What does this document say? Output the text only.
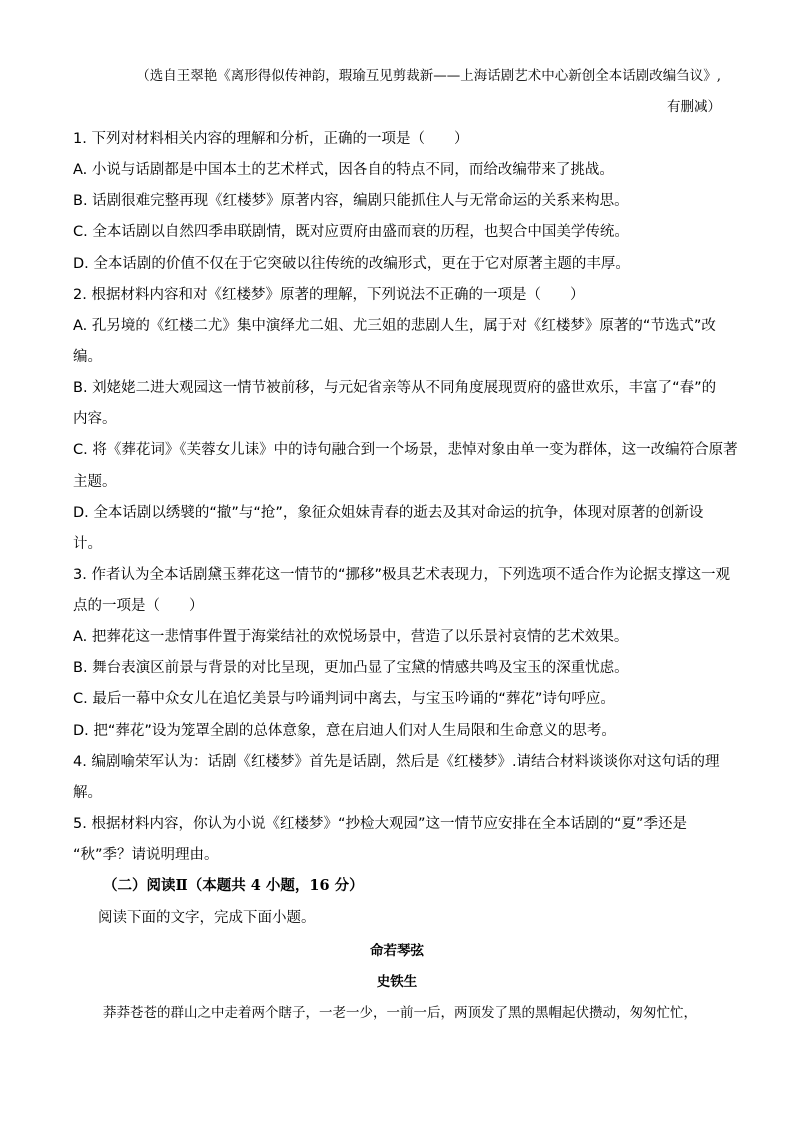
（选自王翠艳《离形得似传神韵，瑕瑜互见剪裁新——上海话剧艺术中心新创全本话剧改编刍议》,
有删减）
1. 下列对材料相关内容的理解和分析，正确的一项是（　　）
A. 小说与话剧都是中国本土的艺术样式，因各自的特点不同，而给改编带来了挑战。
B. 话剧很难完整再现《红楼梦》原著内容，编剧只能抓住人与无常命运的关系来构思。
C. 全本话剧以自然四季串联剧情，既对应贾府由盛而衰的历程，也契合中国美学传统。
D. 全本话剧的价值不仅在于它突破以往传统的改编形式，更在于它对原著主题的丰厚。
2. 根据材料内容和对《红楼梦》原著的理解，下列说法不正确的一项是（　　）
A. 孔另境的《红楼二尤》集中演绎尤二姐、尤三姐的悲剧人生，属于对《红楼梦》原著的“节选式”改
编。
B. 刘姥姥二进大观园这一情节被前移，与元妃省亲等从不同角度展现贾府的盛世欢乐，丰富了“春”的
内容。
C. 将《葬花词》《芙蓉女儿诔》中的诗句融合到一个场景，悲悼对象由单一变为群体，这一改编符合原著
主题。
D. 全本话剧以绣襞的“撤”与“抢”，象征众姐妹青春的逝去及其对命运的抗争，体现对原著的创新设
计。
3. 作者认为全本话剧黛玉葬花这一情节的“挪移”极具艺术表现力，下列选项不适合作为论据支撑这一观
点的一项是（　　）
A. 把葬花这一悲情事件置于海棠结社的欢悦场景中，营造了以乐景衬哀情的艺术效果。
B. 舞台表演区前景与背景的对比呈现，更加凸显了宝黛的情感共鸣及宝玉的深重忧虑。
C. 最后一幕中众女儿在追忆美景与吟诵判词中离去，与宝玉吟诵的“葬花”诗句呼应。
D. 把“葬花”设为笼罩全剧的总体意象，意在启迪人们对人生局限和生命意义的思考。
4. 编剧喻荣军认为：话剧《红楼梦》首先是话剧，然后是《红楼梦》.请结合材料谈谈你对这句话的理
解。
5. 根据材料内容，你认为小说《红楼梦》“抄检大观园”这一情节应安排在全本话剧的“夏”季还是
“秋”季？请说明理由。
（二）阅读Ⅱ（本题共 4 小题，16 分）
阅读下面的文字，完成下面小题。
命若琴弦
史铁生
莽莽苍苍的群山之中走着两个瞎子，一老一少，一前一后，两顶发了黑的黑帽起伏攒动，匆匆忙忙，
